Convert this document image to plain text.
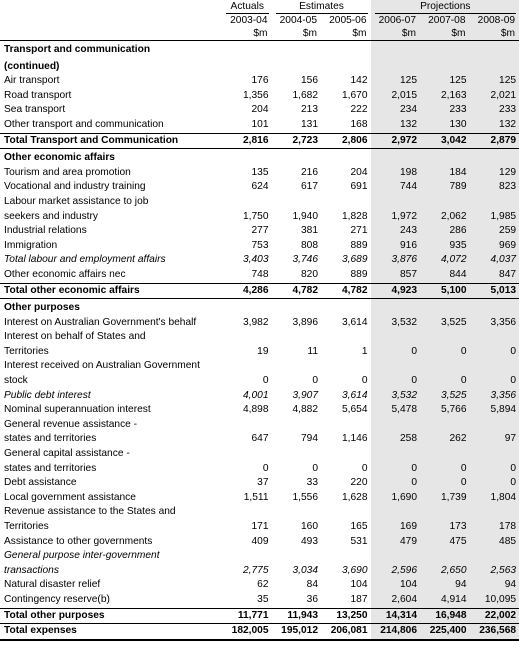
	Actuals	Estimates		Projections		
	2003-04	2004-05	2005-06	2006-07	2007-08	2008-09
	$m	$m	$m	$m	$m	$m
Transport and communication						
(continued)						
Air transport	176	156	142	125	125	125
Road transport	1,356	1,682	1,670	2,015	2,163	2,021
Sea transport	204	213	222	234	233	233
Other transport and communication	101	131	168	132	130	132
Total Transport and Communication	2,816	2,723	2,806	2,972	3,042	2,879
Other economic affairs						
Tourism and area promotion	135	216	204	198	184	129
Vocational and industry training	624	617	691	744	789	823
Labour market assistance to job						
seekers and industry	1,750	1,940	1,828	1,972	2,062	1,985
Industrial relations	277	381	271	243	286	259
Immigration	753	808	889	916	935	969
Total labour and employment affairs	3,403	3,746	3,689	3,876	4,072	4,037
Other economic affairs nec	748	820	889	857	844	847
Total other economic affairs	4,286	4,782	4,782	4,923	5,100	5,013
Other purposes						
Interest on Australian Government's behalf	3,982	3,896	3,614	3,532	3,525	3,356
Interest on behalf of States and						
Territories	19	11	1	0	0	0
Interest received on Australian Government						
stock	0	0	0	0	0	0
Public debt interest	4,001	3,907	3,614	3,532	3,525	3,356
Nominal superannuation interest	4,898	4,882	5,654	5,478	5,766	5,894
General revenue assistance -						
states and territories	647	794	1,146	258	262	97
General capital assistance -						
states and territories	0	0	0	0	0	0
Debt assistance	37	33	220	0	0	0
Local government assistance	1,511	1,556	1,628	1,690	1,739	1,804
Revenue assistance to the States and						
Territories	171	160	165	169	173	178
Assistance to other governments	409	493	531	479	475	485
General purpose inter-government						
transactions	2,775	3,034	3,690	2,596	2,650	2,563
Natural disaster relief	62	84	104	104	94	94
Contingency reserve(b)	35	36	187	2,604	4,914	10,095
Total other purposes	11,771	11,943	13,250	14,314	16,948	22,002
Total expenses	182,005	195,012	206,081	214,806	225,400	236,568
